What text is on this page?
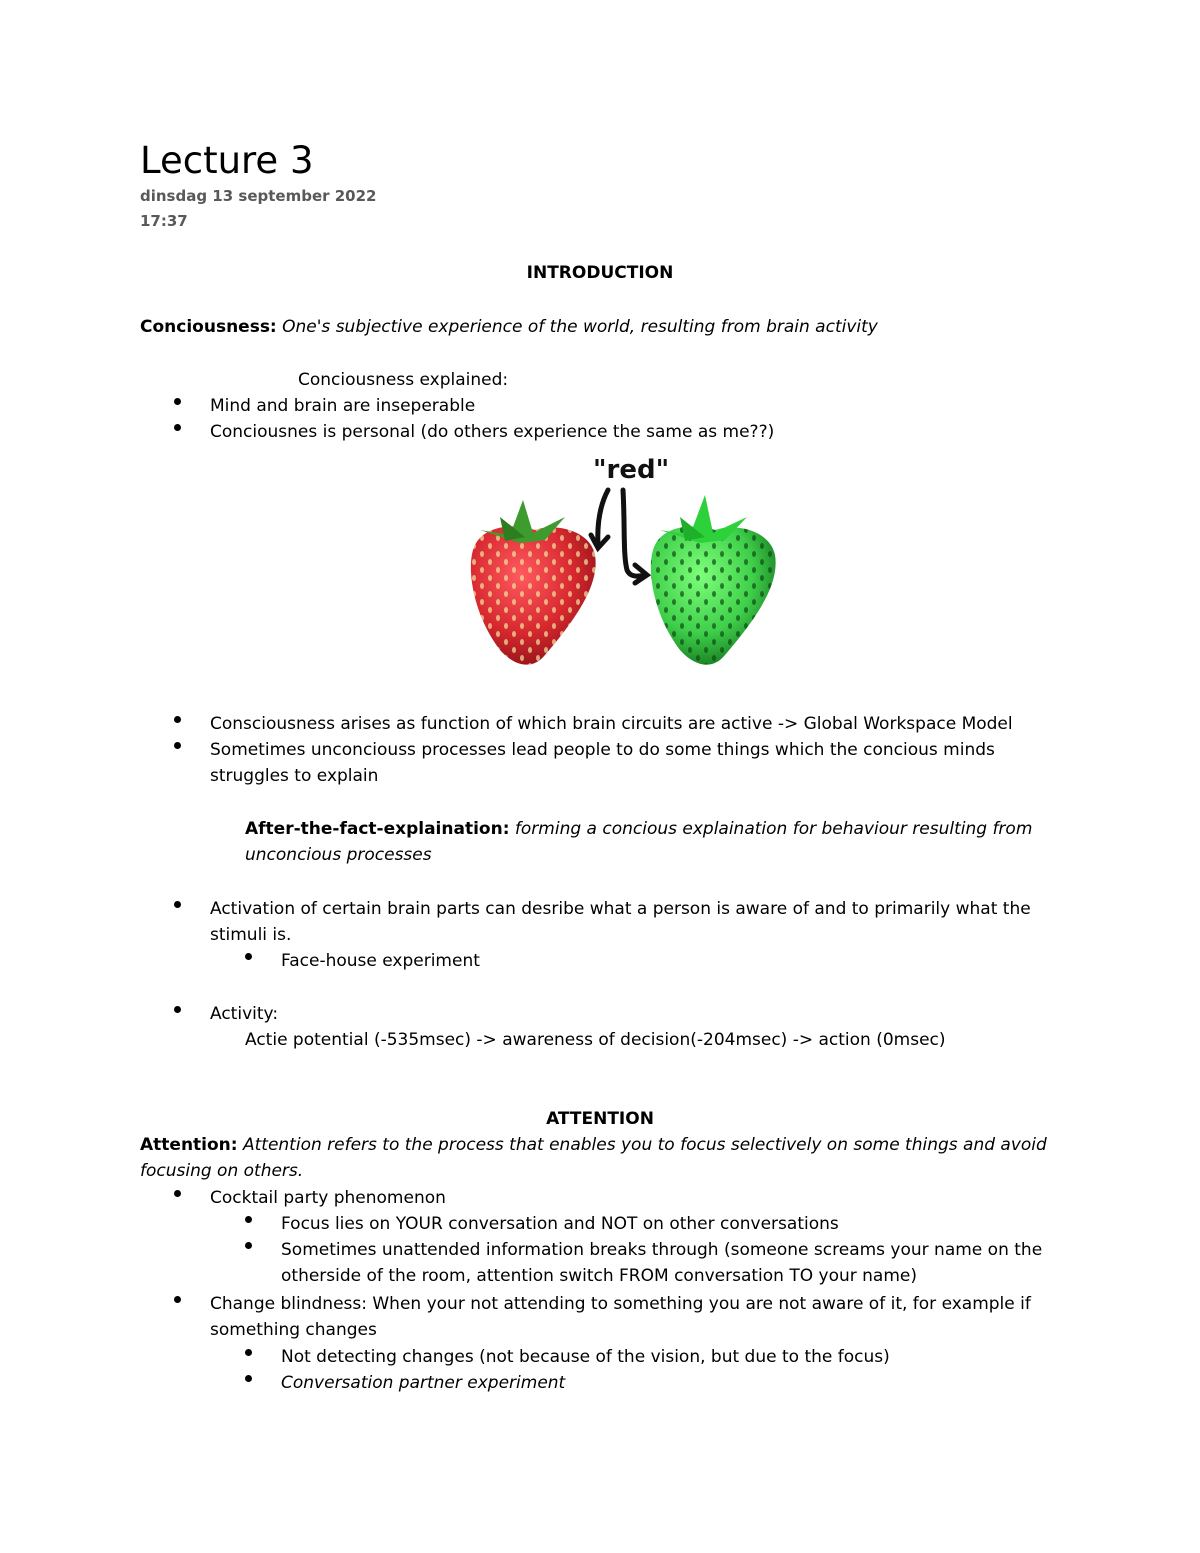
Lecture 3
dinsdag 13 september 2022
17:37
INTRODUCTION
Conciousness: One's subjective experience of the world, resulting from brain activity
Conciousness explained:
Mind and brain are inseperable
Conciousnes is personal (do others experience the same as me??)
"red"
Consciousness arises as function of which brain circuits are active -> Global Workspace Model
Sometimes unconciouss processes lead people to do some things which the concious minds
struggles to explain
After-the-fact-explaination: forming a concious explaination for behaviour resulting from
unconcious processes
Activation of certain brain parts can desribe what a person is aware of and to primarily what the
stimuli is.
Face-house experiment
Activity:
Actie potential (-535msec) -> awareness of decision(-204msec) -> action (0msec)
ATTENTION
Attention: Attention refers to the process that enables you to focus selectively on some things and avoid
focusing on others.
Cocktail party phenomenon
Focus lies on YOUR conversation and NOT on other conversations
Sometimes unattended information breaks through (someone screams your name on the
otherside of the room, attention switch FROM conversation TO your name)
Change blindness: When your not attending to something you are not aware of it, for example if
something changes
Not detecting changes (not because of the vision, but due to the focus)
Conversation partner experiment
